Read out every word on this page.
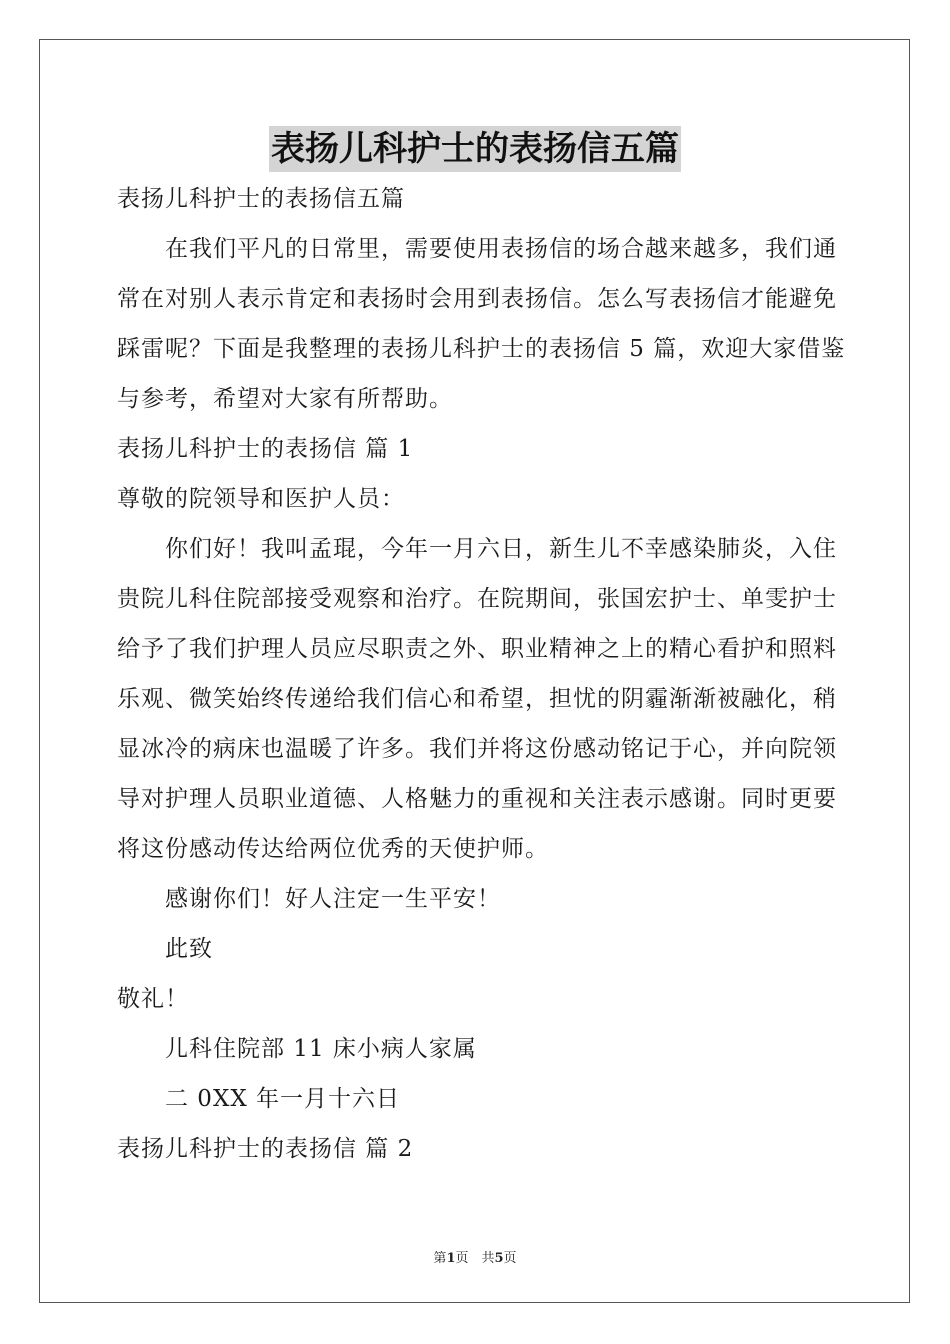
表扬儿科护士的表扬信五篇

表扬儿科护士的表扬信五篇

在我们平凡的日常里，需要使用表扬信的场合越来越多，我们通

常在对别人表示肯定和表扬时会用到表扬信。怎么写表扬信才能避免

踩雷呢？下面是我整理的表扬儿科护士的表扬信 5 篇，欢迎大家借鉴

与参考，希望对大家有所帮助。

表扬儿科护士的表扬信 篇 1

尊敬的院领导和医护人员：

你们好！我叫孟琨，今年一月六日，新生儿不幸感染肺炎，入住

贵院儿科住院部接受观察和治疗。在院期间，张国宏护士、单雯护士

给予了我们护理人员应尽职责之外、职业精神之上的精心看护和照料

乐观、微笑始终传递给我们信心和希望，担忧的阴霾渐渐被融化，稍

显冰冷的病床也温暖了许多。我们并将这份感动铭记于心，并向院领

导对护理人员职业道德、人格魅力的重视和关注表示感谢。同时更要

将这份感动传达给两位优秀的天使护师。

感谢你们！好人注定一生平安！

此致

敬礼！

儿科住院部 11 床小病人家属

二 0XX 年一月十六日

表扬儿科护士的表扬信 篇 2

第1页　共5页
